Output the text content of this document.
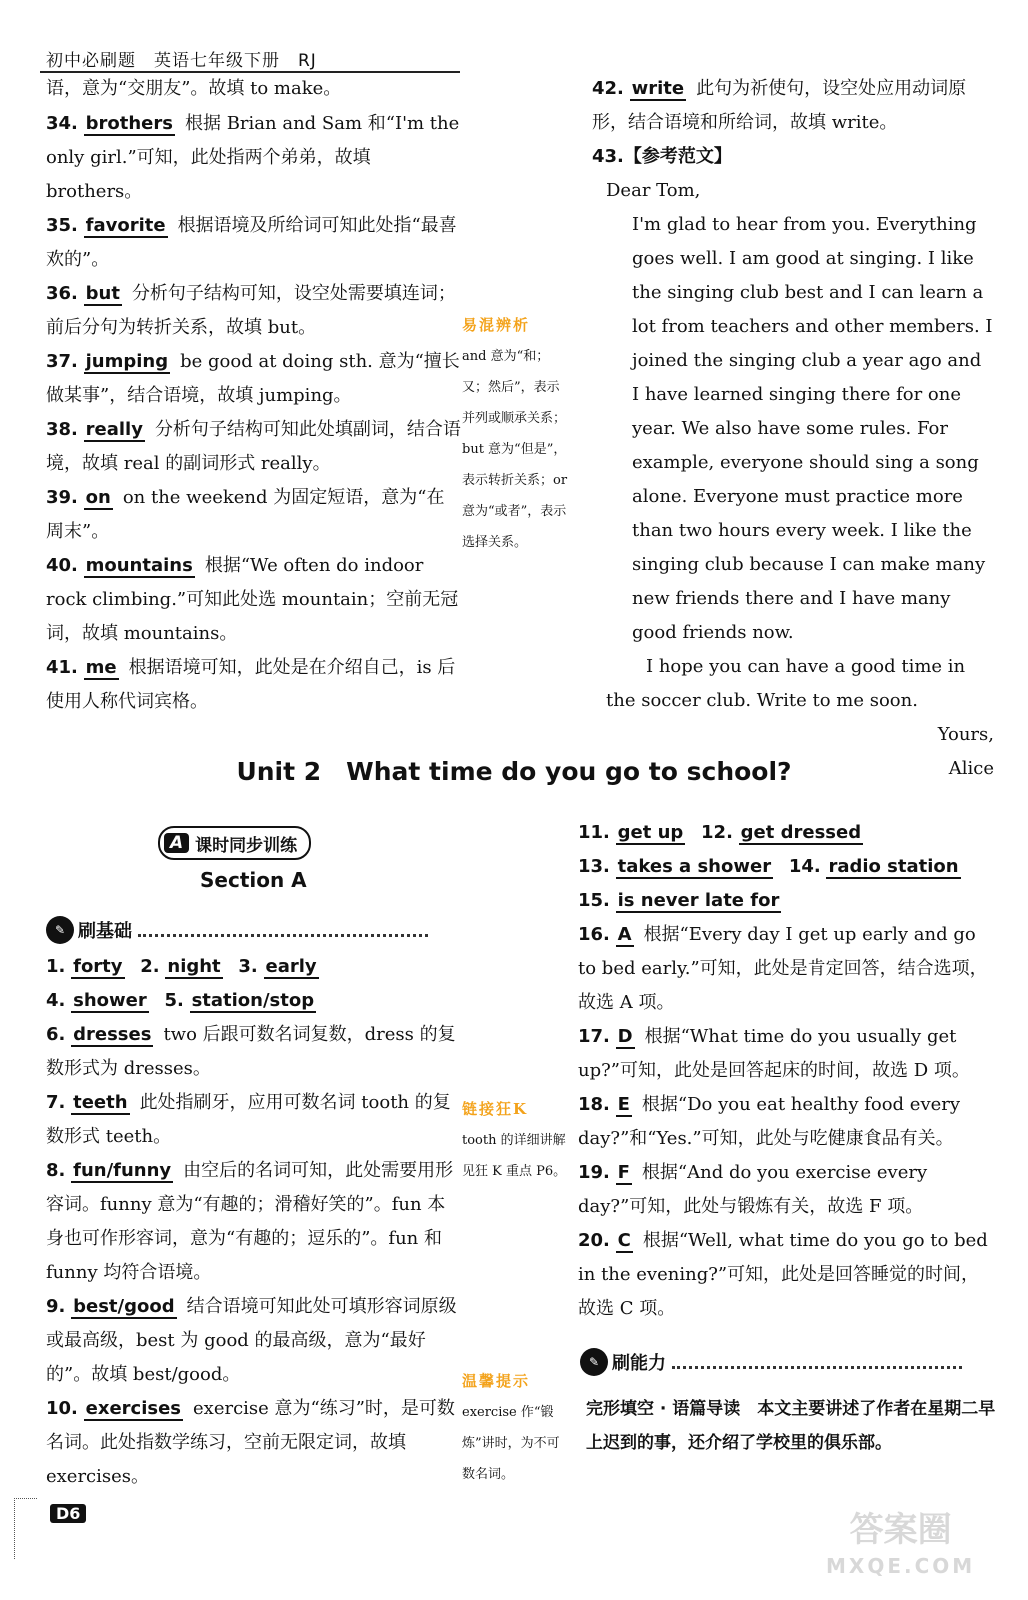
初中必刷题　英语七年级下册　RJ
语，意为“交朋友”。故填 to make。
34. brothers 根据 Brian and Sam 和“I'm the only girl.”可知，此处指两个弟弟，故填 brothers。
35. favorite 根据语境及所给词可知此处指“最喜欢的”。
36. but 分析句子结构可知，设空处需要填连词；前后分句为转折关系，故填 but。
37. jumping be good at doing sth. 意为“擅长做某事”，结合语境，故填 jumping。
38. really 分析句子结构可知此处填副词，结合语境，故填 real 的副词形式 really。
39. on on the weekend 为固定短语，意为“在周末”。
40. mountains 根据“We often do indoor rock climbing.”可知此处选 mountain；空前无冠词，故填 mountains。
41. me 根据语境可知，此处是在介绍自己，is 后使用人称代词宾格。
易混辨析
and 意为“和；又；然后”，表示并列或顺承关系；but 意为“但是”，表示转折关系；or 意为“或者”，表示选择关系。
42. write 此句为祈使句，设空处应用动词原形，结合语境和所给词，故填 write。
43.【参考范文】

Dear Tom,

I'm glad to hear from you. Everything goes well. I am good at singing. I like the singing club best and I can learn a lot from teachers and other members. I joined the singing club a year ago and I have learned singing there for one year. We also have some rules. For example, everyone should sing a song alone. Everyone must practice more than two hours every week. I like the singing club because I can make many new friends there and I have many good friends now.

I hope you can have a good time in the soccer club. Write to me soon.

Yours,

Alice

Unit 2　What time do you go to school?
A 课时同步训练
Section A
✎ 刷基础
1. forty 2. night 3. early
4. shower 5. station/stop
6. dresses two 后跟可数名词复数，dress 的复数形式为 dresses。
7. teeth 此处指刷牙，应用可数名词 tooth 的复数形式 teeth。
8. fun/funny 由空后的名词可知，此处需要用形容词。funny 意为“有趣的；滑稽好笑的”。fun 本身也可作形容词，意为“有趣的；逗乐的”。fun 和 funny 均符合语境。
9. best/good 结合语境可知此处可填形容词原级或最高级，best 为 good 的最高级，意为“最好的”。故填 best/good。
10. exercises exercise 意为“练习”时，是可数名词。此处指数学练习，空前无限定词，故填 exercises。
链接狂K
tooth 的详细讲解见狂 K 重点 P6。
温馨提示
exercise 作“锻炼”讲时，为不可数名词。
11. get up 12. get dressed
13. takes a shower 14. radio station
15. is never late for
16. A 根据“Every day I get up early and go to bed early.”可知，此处是肯定回答，结合选项，故选 A 项。
17. D 根据“What time do you usually get up?”可知，此处是回答起床的时间，故选 D 项。
18. E 根据“Do you eat healthy food every day?”和“Yes.”可知，此处与吃健康食品有关。
19. F 根据“And do you exercise every day?”可知，此处与锻炼有关，故选 F 项。
20. C 根据“Well, what time do you go to bed in the evening?”可知，此处是回答睡觉的时间，故选 C 项。
✎ 刷能力
完形填空 · 语篇导读　本文主要讲述了作者在星期二早上迟到的事，还介绍了学校里的俱乐部。
D6	答案圈
MXQE.COM
